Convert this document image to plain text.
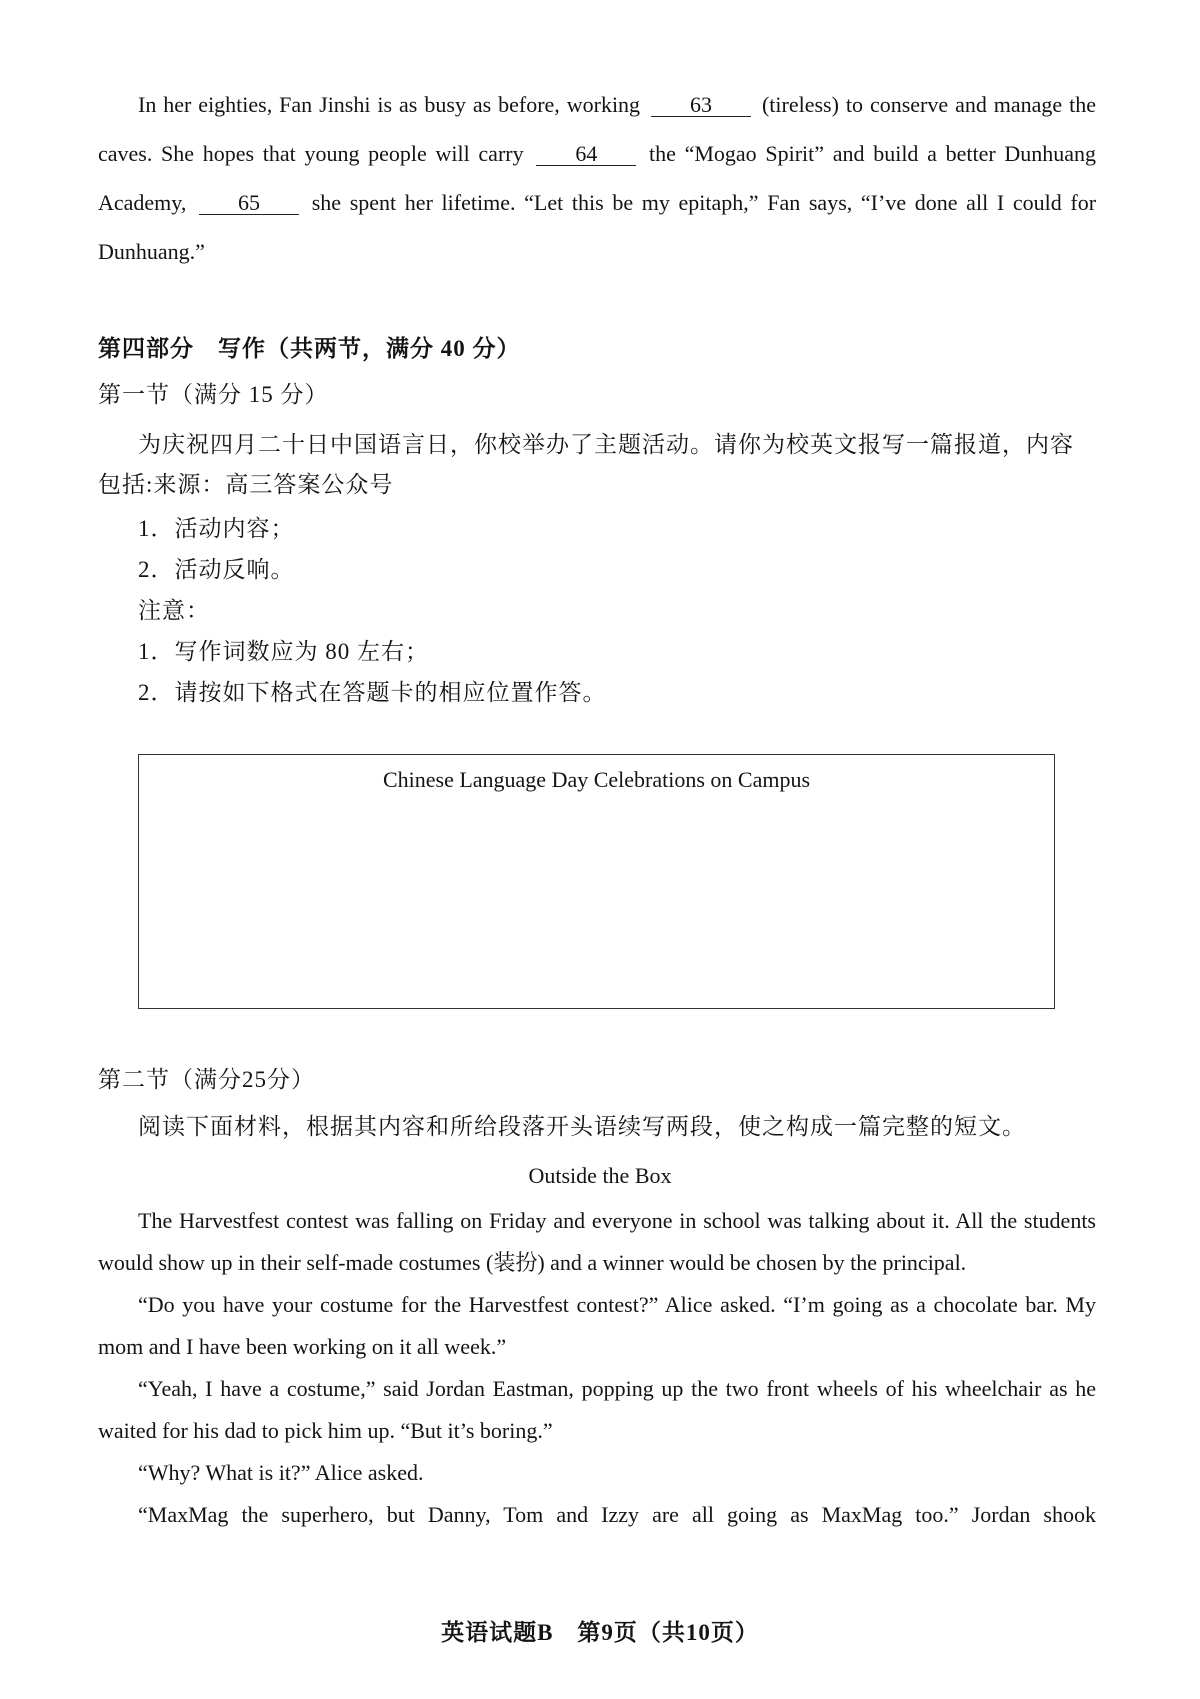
In her eighties, Fan Jinshi is as busy as before, working 63 (tireless) to conserve and manage the caves. She hopes that young people will carry 64 the “Mogao Spirit” and build a better Dunhuang Academy, 65 she spent her lifetime. “Let this be my epitaph,” Fan says, “I’ve done all I could for Dunhuang.”

第四部分　写作（共两节，满分 40 分）
第一节（满分 15 分）

为庆祝四月二十日中国语言日，你校举办了主题活动。请你为校英文报写一篇报道，内容包括:来源：高三答案公众号

1．活动内容；
2．活动反响。
注意：
1．写作词数应为 80 左右；
2．请按如下格式在答题卡的相应位置作答。
Chinese Language Day Celebrations on Campus
第二节（满分25分）
阅读下面材料，根据其内容和所给段落开头语续写两段，使之构成一篇完整的短文。
Outside the Box

The Harvestfest contest was falling on Friday and everyone in school was talking about it. All the students would show up in their self-made costumes (装扮) and a winner would be chosen by the principal.

“Do you have your costume for the Harvestfest contest?” Alice asked. “I’m going as a chocolate bar. My mom and I have been working on it all week.”

“Yeah, I have a costume,” said Jordan Eastman, popping up the two front wheels of his wheelchair as he waited for his dad to pick him up. “But it’s boring.”

“Why? What is it?” Alice asked.

“MaxMag the superhero, but Danny, Tom and Izzy are all going as MaxMag too.” Jordan shook

英语试题B　第9页（共10页）
